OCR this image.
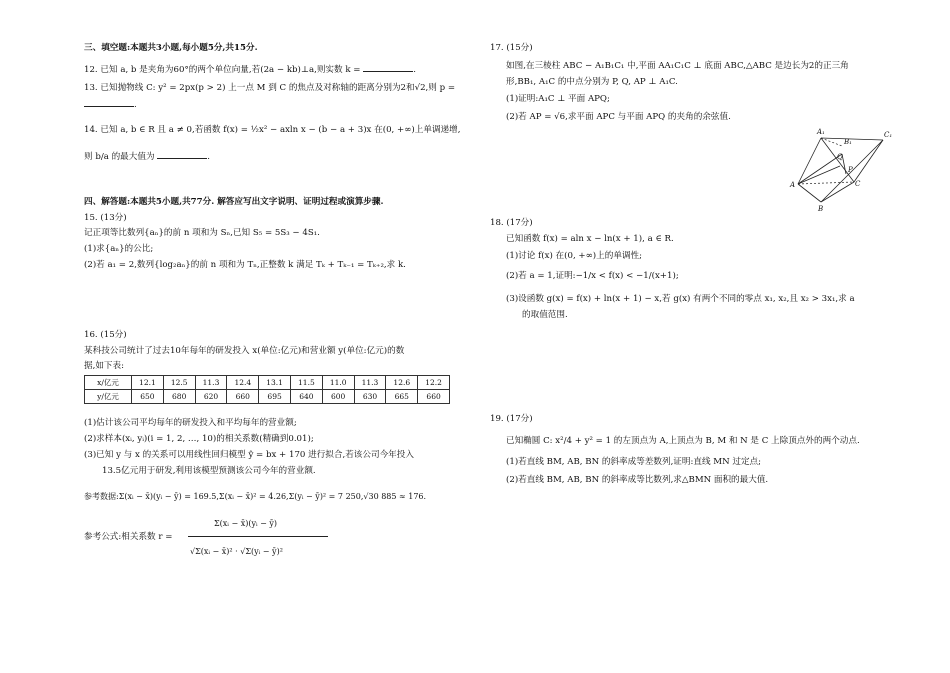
三、填空题:本题共3小题,每小题5分,共15分.
12. 已知 a, b 是夹角为60°的两个单位向量,若(2a − kb)⊥a,则实数 k =	.
13. 已知抛物线 C: y² = 2px(p > 2) 上一点 M 到 C 的焦点及对称轴的距离分别为2和√2,则 p =
.
14. 已知 a, b ∈ R 且 a ≠ 0,若函数 f(x) = ½x² − axln x − (b − a + 3)x 在(0, +∞)上单调递增,
则 b/a 的最大值为	.
四、解答题:本题共5小题,共77分. 解答应写出文字说明、证明过程或演算步骤.
15. (13分)
记正项等比数列{aₙ}的前 n 项和为 Sₙ,已知 S₅ = 5S₃ − 4S₁.
(1)求{aₙ}的公比;
(2)若 a₁ = 2,数列{log₂aₙ}的前 n 项和为 Tₙ,正整数 k 满足 Tₖ + Tₖ₋₁ = Tₖ₊₂,求 k.
16. (15分)
某科技公司统计了过去10年每年的研发投入 x(单位:亿元)和营业额 y(单位:亿元)的数
据,如下表:
x/亿元	12.1	12.5	11.3	12.4	13.1	11.5	11.0	11.3	12.6	12.2
y/亿元	650	680	620	660	695	640	600	630	665	660
(1)估计该公司平均每年的研发投入和平均每年的营业额;
(2)求样本(xᵢ, yᵢ)(i = 1, 2, …, 10)的相关系数(精确到0.01);
(3)已知 y 与 x 的关系可以用线性回归模型 ŷ = bx + 170 进行拟合,若该公司今年投入
13.5亿元用于研发,利用该模型预测该公司今年的营业额.
参考数据:Σ(xᵢ − x̄)(yᵢ − ȳ) = 169.5,Σ(xᵢ − x̄)² = 4.26,Σ(yᵢ − ȳ)² = 7 250,√30 885 ≈ 176.
参考公式:相关系数 r =
Σ(xᵢ − x̄)(yᵢ − ȳ)
√Σ(xᵢ − x̄)² · √Σ(yᵢ − ȳ)²
17. (15分)
如图,在三棱柱 ABC − A₁B₁C₁ 中,平面 AA₁C₁C ⊥ 底面 ABC,△ABC 是边长为2的正三角
形,BB₁, A₁C 的中点分别为 P, Q, AP ⊥ A₁C.
(1)证明:A₁C ⊥ 平面 APQ;
(2)若 AP = √6,求平面 APC 与平面 APQ 的夹角的余弦值.
A₁	C₁
A
B
C
P
Q
B₁
18. (17分)
已知函数 f(x) = aln x − ln(x + 1), a ∈ R.
(1)讨论 f(x) 在(0, +∞)上的单调性;
(2)若 a = 1,证明:−1/x < f(x) < −1/(x+1);
(3)设函数 g(x) = f(x) + ln(x + 1) − x,若 g(x) 有两个不同的零点 x₁, x₂,且 x₂ > 3x₁,求 a
的取值范围.
19. (17分)
已知椭圆 C: x²/4 + y² = 1 的左顶点为 A,上顶点为 B, M 和 N 是 C 上除顶点外的两个动点.
(1)若直线 BM, AB, BN 的斜率成等差数列,证明:直线 MN 过定点;
(2)若直线 BM, AB, BN 的斜率成等比数列,求△BMN 面积的最大值.
